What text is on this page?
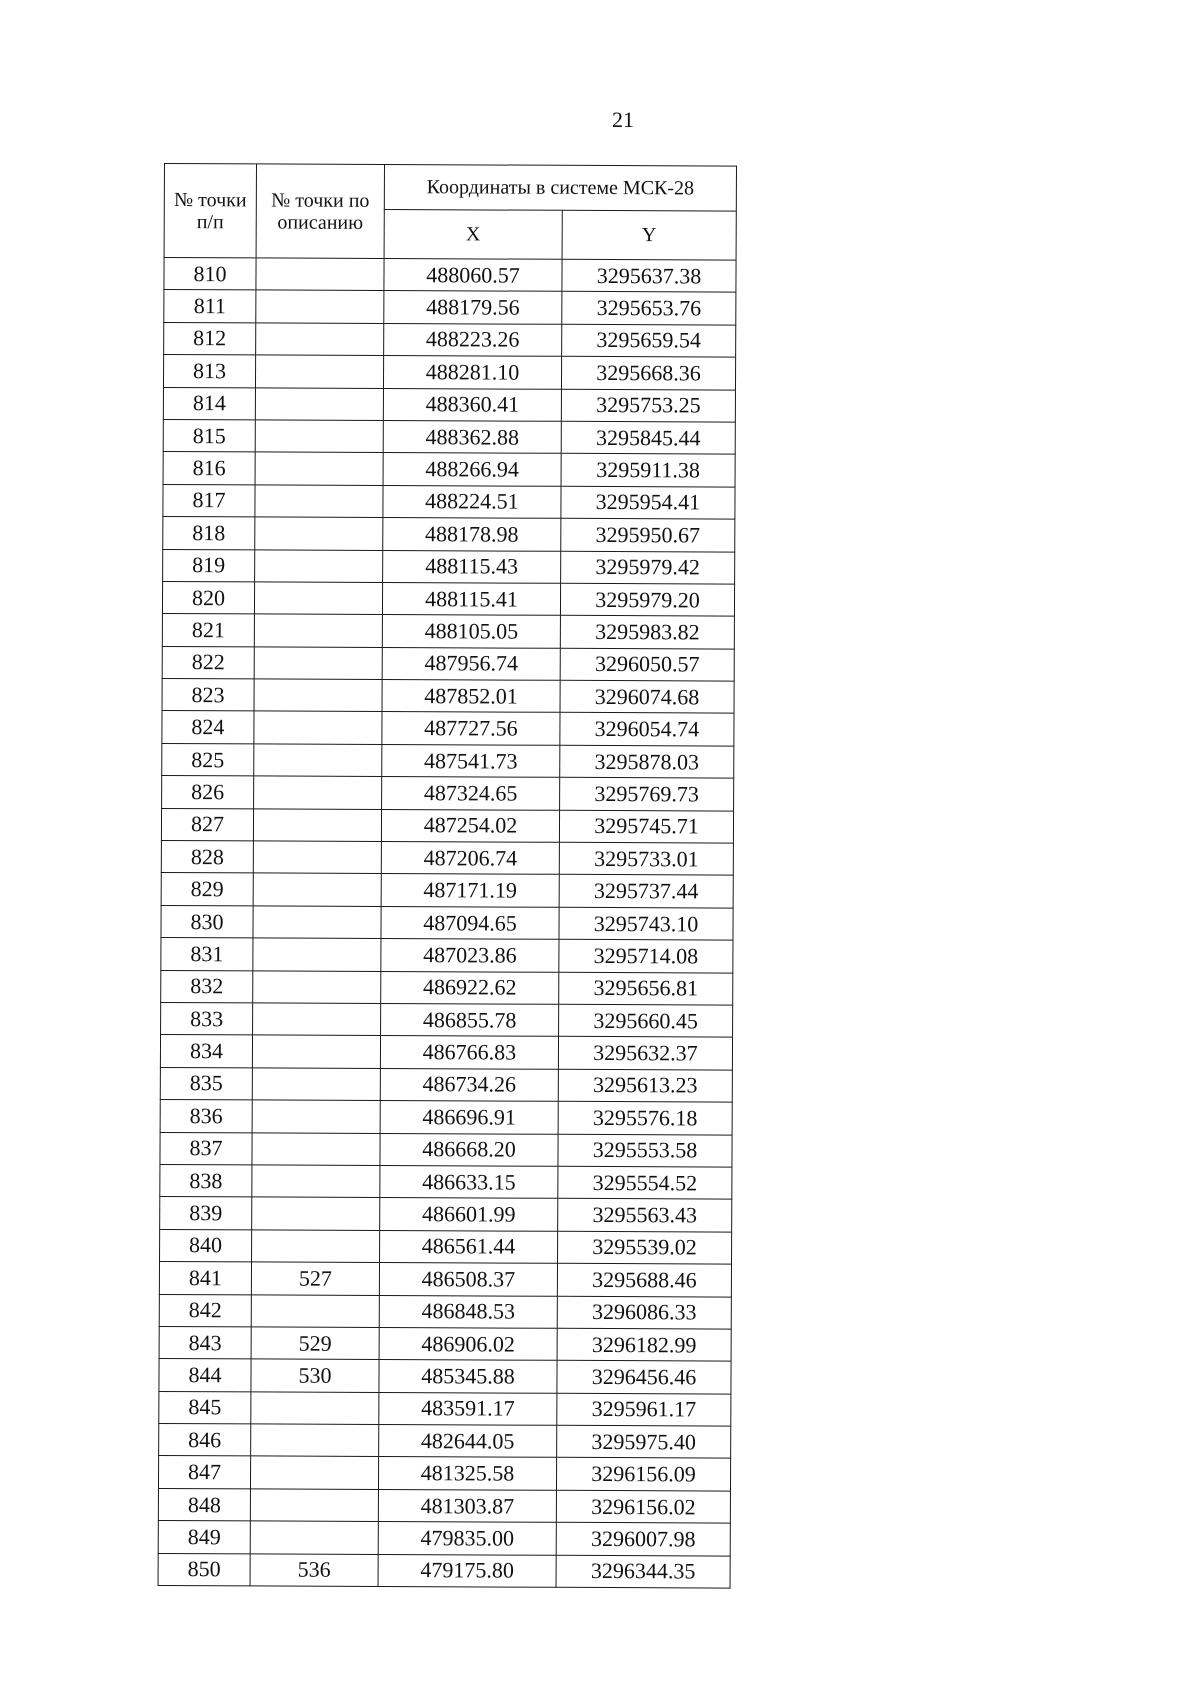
21
№ точки п/п	№ точки по описанию	Координаты в системе МСК-28	
		X	Y
810		488060.57	3295637.38
811		488179.56	3295653.76
812		488223.26	3295659.54
813		488281.10	3295668.36
814		488360.41	3295753.25
815		488362.88	3295845.44
816		488266.94	3295911.38
817		488224.51	3295954.41
818		488178.98	3295950.67
819		488115.43	3295979.42
820		488115.41	3295979.20
821		488105.05	3295983.82
822		487956.74	3296050.57
823		487852.01	3296074.68
824		487727.56	3296054.74
825		487541.73	3295878.03
826		487324.65	3295769.73
827		487254.02	3295745.71
828		487206.74	3295733.01
829		487171.19	3295737.44
830		487094.65	3295743.10
831		487023.86	3295714.08
832		486922.62	3295656.81
833		486855.78	3295660.45
834		486766.83	3295632.37
835		486734.26	3295613.23
836		486696.91	3295576.18
837		486668.20	3295553.58
838		486633.15	3295554.52
839		486601.99	3295563.43
840		486561.44	3295539.02
841	527	486508.37	3295688.46
842		486848.53	3296086.33
843	529	486906.02	3296182.99
844	530	485345.88	3296456.46
845		483591.17	3295961.17
846		482644.05	3295975.40
847		481325.58	3296156.09
848		481303.87	3296156.02
849		479835.00	3296007.98
850	536	479175.80	3296344.35
